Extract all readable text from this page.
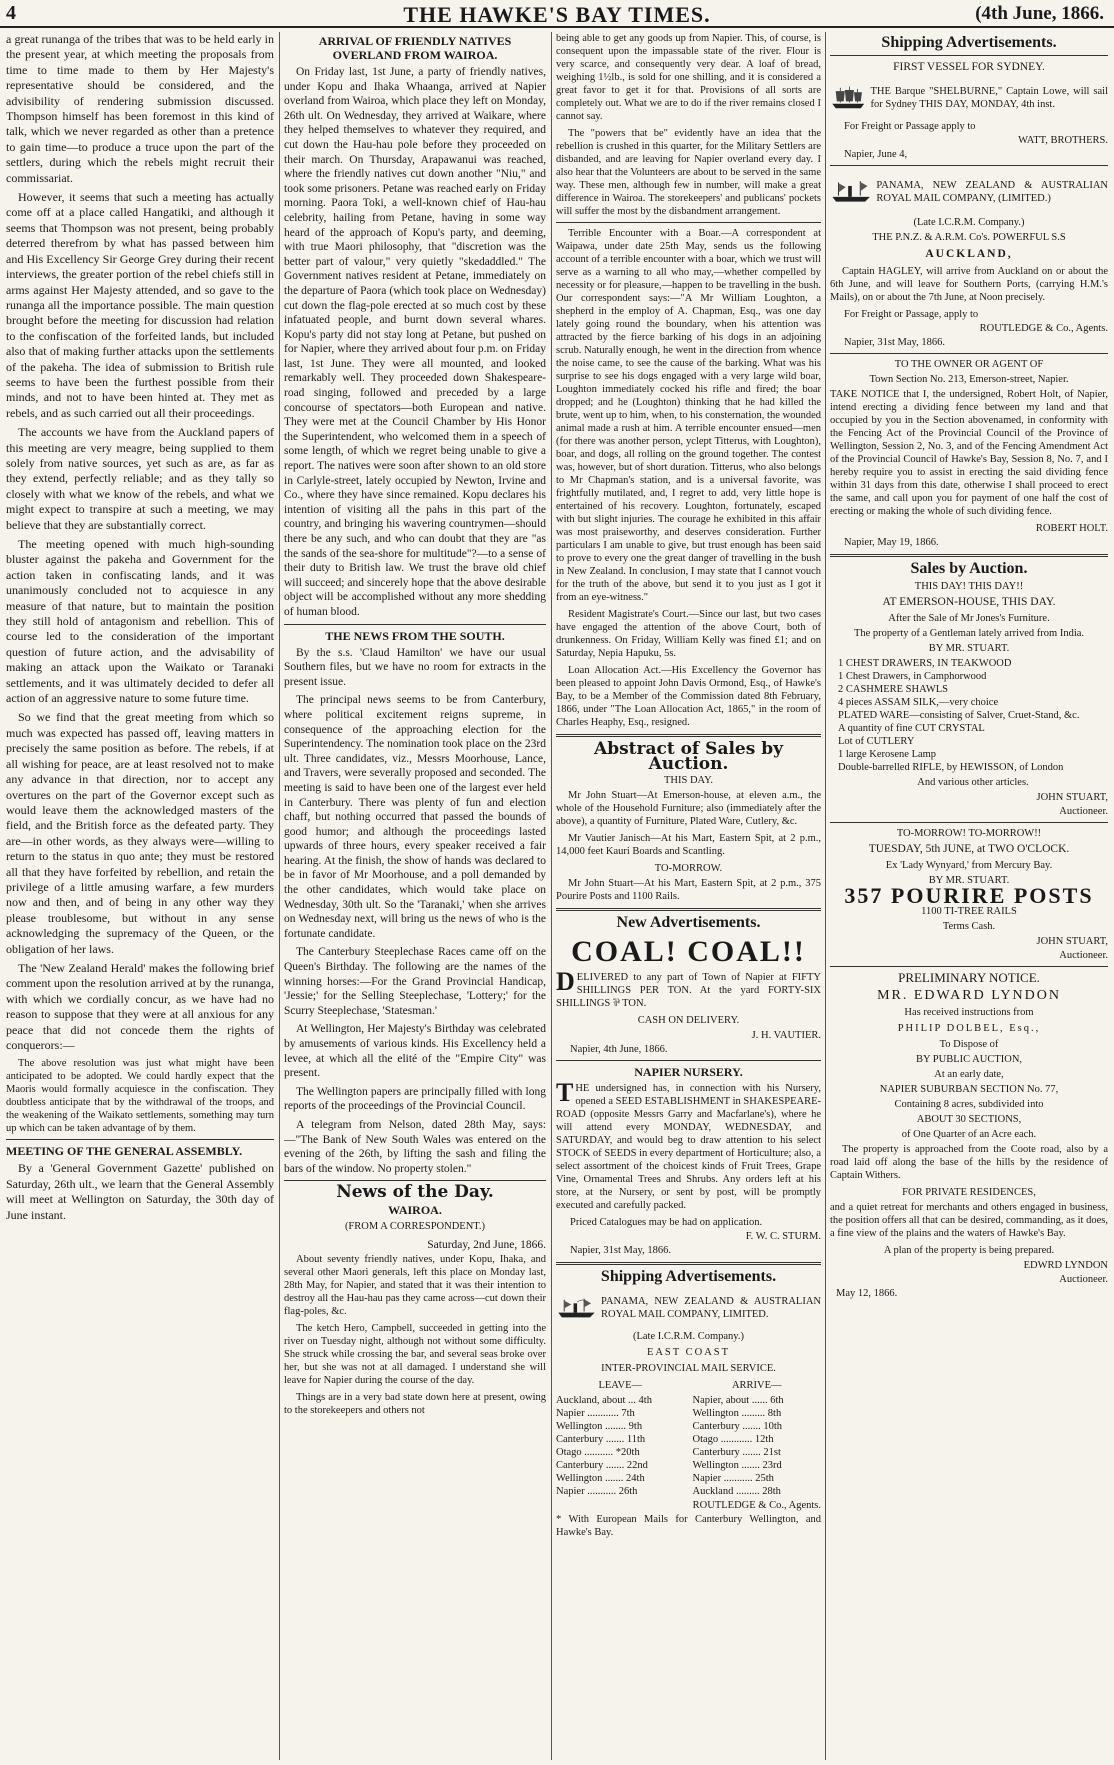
4	THE HAWKE'S BAY TIMES.	(4th June, 1866.

a great runanga of the tribes that was to be held early in the present year, at which meeting the proposals from time to time made to them by Her Majesty's representative should be considered, and the advisibility of rendering submission discussed. Thompson himself has been foremost in this kind of talk, which we never regarded as other than a pretence to gain time—to produce a truce upon the part of the settlers, during which the rebels might recruit their commissariat.

However, it seems that such a meeting has actually come off at a place called Hangatiki, and although it seems that Thompson was not present, being probably deterred therefrom by what has passed between him and His Excellency Sir George Grey during their recent interviews, the greater portion of the rebel chiefs still in arms against Her Majesty attended, and so gave to the runanga all the importance possible. The main question brought before the meeting for discussion had relation to the confiscation of the forfeited lands, but included also that of making further attacks upon the settlements of the pakeha. The idea of submission to British rule seems to have been the furthest possible from their minds, and not to have been hinted at. They met as rebels, and as such carried out all their proceedings.

The accounts we have from the Auckland papers of this meeting are very meagre, being supplied to them solely from native sources, yet such as are, as far as they extend, perfectly reliable; and as they tally so closely with what we know of the rebels, and what we might expect to transpire at such a meeting, we may believe that they are substantially correct.

The meeting opened with much high-sounding bluster against the pakeha and Government for the action taken in confiscating lands, and it was unanimously concluded not to acquiesce in any measure of that nature, but to maintain the position they still hold of antagonism and rebellion. This of course led to the consideration of the important question of future action, and the advisability of making an attack upon the Waikato or Taranaki settlements, and it was ultimately decided to defer all action of an aggressive nature to some future time.

So we find that the great meeting from which so much was expected has passed off, leaving matters in precisely the same position as before. The rebels, if at all wishing for peace, are at least resolved not to make any advance in that direction, nor to accept any overtures on the part of the Governor except such as would leave them the acknowledged masters of the field, and the British force as the defeated party. They are—in other words, as they always were—willing to return to the status in quo ante; they must be restored all that they have forfeited by rebellion, and retain the privilege of a little amusing warfare, a few murders now and then, and of being in any other way they please troublesome, but without in any sense acknowledging the supremacy of the Queen, or the obligation of her laws.

The 'New Zealand Herald' makes the following brief comment upon the resolution arrived at by the runanga, with which we cordially concur, as we have had no reason to suppose that they were at all anxious for any peace that did not concede them the rights of conquerors:—

The above resolution was just what might have been anticipated to be adopted. We could hardly expect that the Maoris would formally acquiesce in the confiscation. They doubtless anticipate that by the withdrawal of the troops, and the weakening of the Waikato settlements, something may turn up which can be taken advantage of by them.

MEETING OF THE GENERAL ASSEMBLY.

By a 'General Government Gazette' published on Saturday, 26th ult., we learn that the General Assembly will meet at Wellington on Saturday, the 30th day of June instant.

ARRIVAL OF FRIENDLY NATIVES OVERLAND FROM WAIROA.

On Friday last, 1st June, a party of friendly natives, under Kopu and Ihaka Whaanga, arrived at Napier overland from Wairoa, which place they left on Monday, 26th ult. On Wednesday, they arrived at Waikare, where they helped themselves to whatever they required, and cut down the Hau-hau pole before they proceeded on their march. On Thursday, Arapawanui was reached, where the friendly natives cut down another "Niu," and took some prisoners. Petane was reached early on Friday morning. Paora Toki, a well-known chief of Hau-hau celebrity, hailing from Petane, having in some way heard of the approach of Kopu's party, and deeming, with true Maori philosophy, that "discretion was the better part of valour," very quietly "skedaddled." The Government natives resident at Petane, immediately on the departure of Paora (which took place on Wednesday) cut down the flag-pole erected at so much cost by these infatuated people, and burnt down several whares. Kopu's party did not stay long at Petane, but pushed on for Napier, where they arrived about four p.m. on Friday last, 1st June. They were all mounted, and looked remarkably well. They proceeded down Shakespeare-road singing, followed and preceded by a large concourse of spectators—both European and native. They were met at the Council Chamber by His Honor the Superintendent, who welcomed them in a speech of some length, of which we regret being unable to give a report. The natives were soon after shown to an old store in Carlyle-street, lately occupied by Newton, Irvine and Co., where they have since remained. Kopu declares his intention of visiting all the pahs in this part of the country, and bringing his wavering countrymen—should there be any such, and who can doubt that they are "as the sands of the sea-shore for multitude"?—to a sense of their duty to British law. We trust the brave old chief will succeed; and sincerely hope that the above desirable object will be accomplished without any more shedding of human blood.

THE NEWS FROM THE SOUTH.

By the s.s. 'Claud Hamilton' we have our usual Southern files, but we have no room for extracts in the present issue.

The principal news seems to be from Canterbury, where political excitement reigns supreme, in consequence of the approaching election for the Superintendency. The nomination took place on the 23rd ult. Three candidates, viz., Messrs Moorhouse, Lance, and Travers, were severally proposed and seconded. The meeting is said to have been one of the largest ever held in Canterbury. There was plenty of fun and election chaff, but nothing occurred that passed the bounds of good humor; and although the proceedings lasted upwards of three hours, every speaker received a fair hearing. At the finish, the show of hands was declared to be in favor of Mr Moorhouse, and a poll demanded by the other candidates, which would take place on Wednesday, 30th ult. So the 'Taranaki,' when she arrives on Wednesday next, will bring us the news of who is the fortunate candidate.

The Canterbury Steeplechase Races came off on the Queen's Birthday. The following are the names of the winning horses:—For the Grand Provincial Handicap, 'Jessie;' for the Selling Steeplechase, 'Lottery;' for the Scurry Steeplechase, 'Statesman.'

At Wellington, Her Majesty's Birthday was celebrated by amusements of various kinds. His Excellency held a levee, at which all the elité of the "Empire City" was present.

The Wellington papers are principally filled with long reports of the proceedings of the Provincial Council.

A telegram from Nelson, dated 28th May, says:—"The Bank of New South Wales was entered on the evening of the 26th, by lifting the sash and filing the bars of the window. No property stolen."

News of the Day.
WAIROA.
(FROM A CORRESPONDENT.)
Saturday, 2nd June, 1866.

About seventy friendly natives, under Kopu, Ihaka, and several other Maori generals, left this place on Monday last, 28th May, for Napier, and stated that it was their intention to destroy all the Hau-hau pas they came across—cut down their flag-poles, &c.

The ketch Hero, Campbell, succeeded in getting into the river on Tuesday night, although not without some difficulty. She struck while crossing the bar, and several seas broke over her, but she was not at all damaged. I understand she will leave for Napier during the course of the day.

Things are in a very bad state down here at present, owing to the storekeepers and others not

being able to get any goods up from Napier. This, of course, is consequent upon the impassable state of the river. Flour is very scarce, and consequently very dear. A loaf of bread, weighing 1½lb., is sold for one shilling, and it is considered a great favor to get it for that. Provisions of all sorts are completely out. What we are to do if the river remains closed I cannot say.

The "powers that be" evidently have an idea that the rebellion is crushed in this quarter, for the Military Settlers are disbanded, and are leaving for Napier overland every day. I also hear that the Volunteers are about to be served in the same way. These men, although few in number, will make a great difference in Wairoa. The storekeepers' and publicans' pockets will suffer the most by the disbandment arrangement.

Terrible Encounter with a Boar.—A correspondent at Waipawa, under date 25th May, sends us the following account of a terrible encounter with a boar, which we trust will serve as a warning to all who may,—whether compelled by necessity or for pleasure,—happen to be travelling in the bush. Our correspondent says:—"A Mr William Loughton, a shepherd in the employ of A. Chapman, Esq., was one day lately going round the boundary, when his attention was attracted by the fierce barking of his dogs in an adjoining scrub. Naturally enough, he went in the direction from whence the noise came, to see the cause of the barking. What was his surprise to see his dogs engaged with a very large wild boar, Loughton immediately cocked his rifle and fired; the boar dropped; and he (Loughton) thinking that he had killed the brute, went up to him, when, to his consternation, the wounded animal made a rush at him. A terrible encounter ensued—men (for there was another person, yclept Titterus, with Loughton), boar, and dogs, all rolling on the ground together. The contest was, however, but of short duration. Titterus, who also belongs to Mr Chapman's station, and is a universal favorite, was frightfully mutilated, and, I regret to add, very little hope is entertained of his recovery. Loughton, fortunately, escaped with but slight injuries. The courage he exhibited in this affair was most praiseworthy, and deserves consideration. Further particulars I am unable to give, but trust enough has been said to prove to every one the great danger of travelling in the bush in New Zealand. In conclusion, I may state that I cannot vouch for the truth of the above, but send it to you just as I got it from an eye-witness."

Resident Magistrate's Court.—Since our last, but two cases have engaged the attention of the above Court, both of drunkenness. On Friday, William Kelly was fined £1; and on Saturday, Nepia Hapuku, 5s.

Loan Allocation Act.—His Excellency the Governor has been pleased to appoint John Davis Ormond, Esq., of Hawke's Bay, to be a Member of the Commission dated 8th February, 1866, under "The Loan Allocation Act, 1865," in the room of Charles Heaphy, Esq., resigned.

Abstract of Sales by Auction.
THIS DAY.

Mr John Stuart—At Emerson-house, at eleven a.m., the whole of the Household Furniture; also (immediately after the above), a quantity of Furniture, Plated Ware, Cutlery, &c.

Mr Vautier Janisch—At his Mart, Eastern Spit, at 2 p.m., 14,000 feet Kauri Boards and Scantling.

TO-MORROW.

Mr John Stuart—At his Mart, Eastern Spit, at 2 p.m., 375 Pourire Posts and 1100 Rails.

New Advertisements.
COAL! COAL!!

DELIVERED to any part of Town of Napier at FIFTY SHILLINGS PER TON. At the yard FORTY-SIX SHILLINGS ⅌ TON.

CASH ON DELIVERY.
J. H. VAUTIER.
Napier, 4th June, 1866.
NAPIER NURSERY.

THE undersigned has, in connection with his Nursery, opened a SEED ESTABLISHMENT in SHAKESPEARE-ROAD (opposite Messrs Garry and Macfarlane's), where he will attend every MONDAY, WEDNESDAY, and SATURDAY, and would beg to draw attention to his select STOCK of SEEDS in every department of Horticulture; also, a select assortment of the choicest kinds of Fruit Trees, Grape Vine, Ornamental Trees and Shrubs. Any orders left at his store, at the Nursery, or sent by post, will be promptly executed and carefully packed.

Priced Catalogues may be had on application.
F. W. C. STURM.
Napier, 31st May, 1866.
Shipping Advertisements.
PANAMA, NEW ZEALAND & AUSTRALIAN ROYAL MAIL COMPANY, LIMITED.
(Late I.C.R.M. Company.)
EAST COAST
INTER-PROVINCIAL MAIL SERVICE.
LEAVE—	ARRIVE—
Auckland, about ... 4th	Napier, about ...... 6th
Napier ............ 7th	Wellington ......... 8th
Wellington ........ 9th	Canterbury ....... 10th
Canterbury ....... 11th	Otago ............ 12th
Otago ........... *20th	Canterbury ....... 21st
Canterbury ....... 22nd	Wellington ....... 23rd
Wellington ....... 24th	Napier ........... 25th
Napier ........... 26th	Auckland ......... 28th
ROUTLEDGE & Co., Agents.
* With European Mails for Canterbury Wellington, and Hawke's Bay.
Shipping Advertisements.
FIRST VESSEL FOR SYDNEY.
THE Barque "SHELBURNE," Captain Lowe, will sail for Sydney THIS DAY, MONDAY, 4th inst.
For Freight or Passage apply to
WATT, BROTHERS.
Napier, June 4,
PANAMA, NEW ZEALAND & AUSTRALIAN ROYAL MAIL COMPANY, (LIMITED.)
(Late I.C.R.M. Company.)
THE P.N.Z. & A.R.M. Co's. POWERFUL S.S
AUCKLAND,

Captain HAGLEY, will arrive from Auckland on or about the 6th June, and will leave for Southern Ports, (carrying H.M.'s Mails), on or about the 7th June, at Noon precisely.

For Freight or Passage, apply to
ROUTLEDGE & Co., Agents.
Napier, 31st May, 1866.
TO THE OWNER OR AGENT OF
Town Section No. 213, Emerson-street, Napier.

TAKE NOTICE that I, the undersigned, Robert Holt, of Napier, intend erecting a dividing fence between my land and that occupied by you in the Section abovenamed, in conformity with the Fencing Act of the Provincial Council of the Province of Wellington, Session 2, No. 3, and of the Fencing Amendment Act of the Provincial Council of Hawke's Bay, Session 8, No. 7, and I hereby require you to assist in erecting the said dividing fence within 31 days from this date, otherwise I shall proceed to erect the same, and call upon you for payment of one half the cost of erecting or making the whole of such dividing fence.

ROBERT HOLT.
Napier, May 19, 1866.
Sales by Auction.
THIS DAY! THIS DAY!!
AT EMERSON-HOUSE, THIS DAY.
After the Sale of Mr Jones's Furniture.
The property of a Gentleman lately arrived from India.
BY MR. STUART.
1 CHEST DRAWERS, IN TEAKWOOD
1 Chest Drawers, in Camphorwood
2 CASHMERE SHAWLS
4 pieces ASSAM SILK,—very choice
PLATED WARE—consisting of Salver, Cruet-Stand, &c.
A quantity of fine CUT CRYSTAL
Lot of CUTLERY
1 large Kerosene Lamp
Double-barrelled RIFLE, by HEWISSON, of London
And various other articles.
JOHN STUART,
Auctioneer.
TO-MORROW! TO-MORROW!!
TUESDAY, 5th JUNE, at TWO O'CLOCK.
Ex 'Lady Wynyard,' from Mercury Bay.
BY MR. STUART.
357 POURIRE POSTS
1100 TI-TREE RAILS
Terms Cash.
JOHN STUART,
Auctioneer.
PRELIMINARY NOTICE.
MR. EDWARD LYNDON
Has received instructions from
PHILIP DOLBEL, Esq.,
To Dispose of
BY PUBLIC AUCTION,
At an early date,
NAPIER SUBURBAN SECTION No. 77,
Containing 8 acres, subdivided into
ABOUT 30 SECTIONS,
of One Quarter of an Acre each.

The property is approached from the Coote road, also by a road laid off along the base of the hills by the residence of Captain Withers.

FOR PRIVATE RESIDENCES,

and a quiet retreat for merchants and others engaged in business, the position offers all that can be desired, commanding, as it does, a fine view of the plains and the waters of Hawke's Bay.

A plan of the property is being prepared.
EDWRD LYNDON
Auctioneer.
May 12, 1866.
